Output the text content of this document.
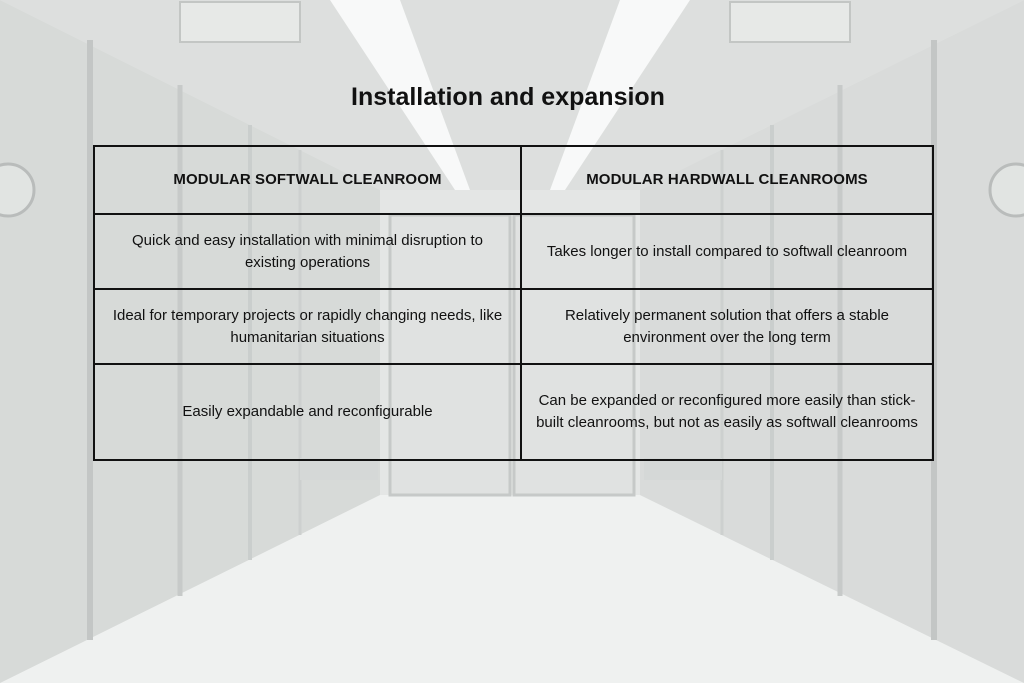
Installation and expansion
MODULAR SOFTWALL CLEANROOM	MODULAR HARDWALL CLEANROOMS
Quick and easy installation with minimal disruption to existing operations	Takes longer to install compared to softwall cleanroom
Ideal for temporary projects or rapidly changing needs, like humanitarian situations	Relatively permanent solution that offers a stable environment over the long term
Easily expandable and reconfigurable	Can be expanded or reconfigured more easily than stick-built cleanrooms, but not as easily as softwall cleanrooms
